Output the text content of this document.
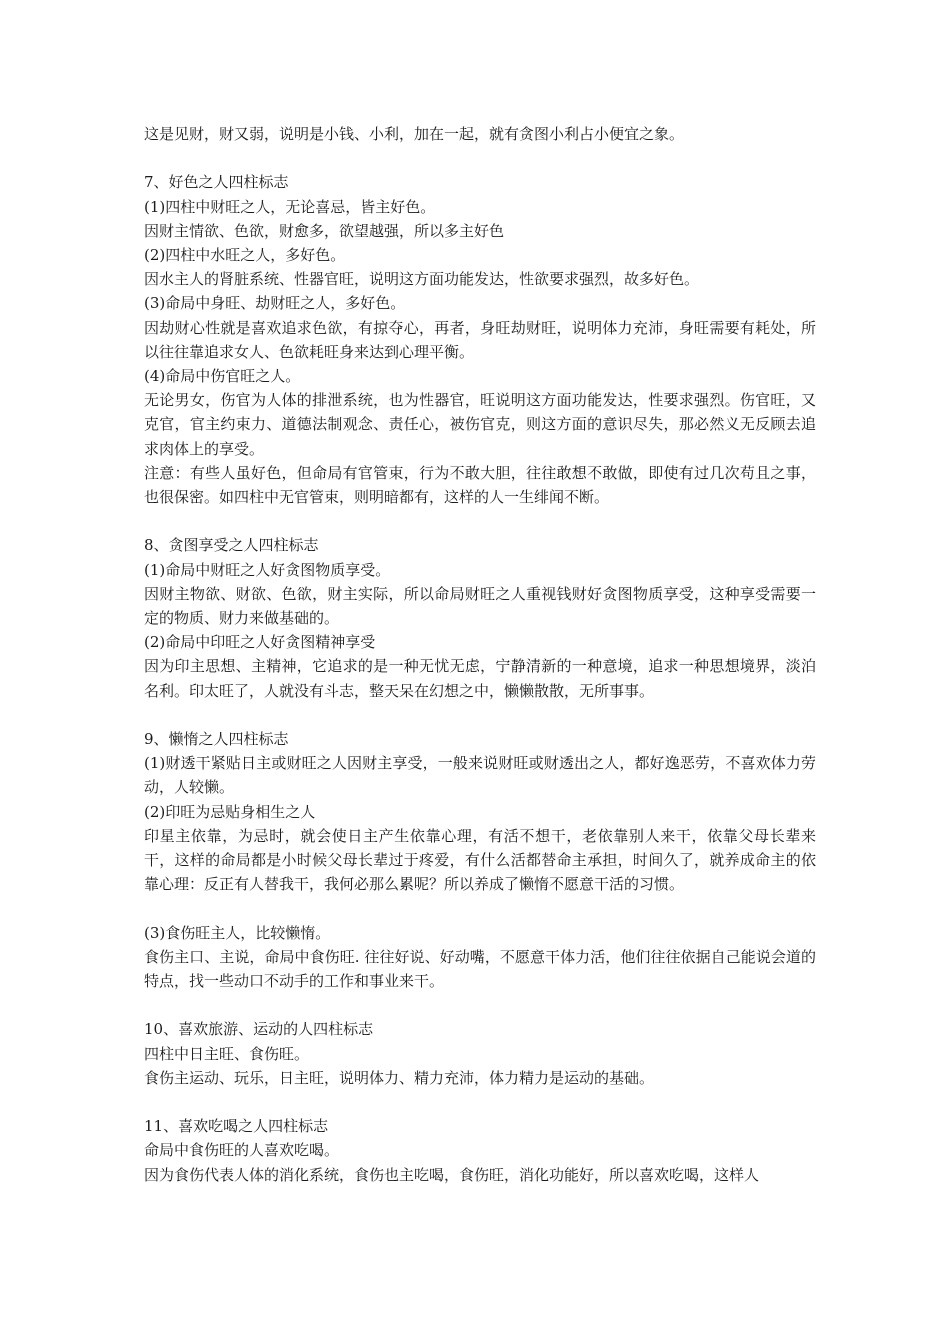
这是见财，财又弱，说明是小钱、小利，加在一起，就有贪图小利占小便宜之象。
7、好色之人四柱标志
(1)四柱中财旺之人，无论喜忌，皆主好色。
因财主情欲、色欲，财愈多，欲望越强，所以多主好色
(2)四柱中水旺之人，多好色。
因水主人的肾脏系统、性器官旺，说明这方面功能发达，性欲要求强烈，故多好色。
(3)命局中身旺、劫财旺之人，多好色。
因劫财心性就是喜欢追求色欲，有掠夺心，再者，身旺劫财旺，说明体力充沛，身旺需要有耗处，所以往往靠追求女人、色欲耗旺身来达到心理平衡。
(4)命局中伤官旺之人。
无论男女，伤官为人体的排泄系统，也为性器官，旺说明这方面功能发达，性要求强烈。伤官旺，又克官，官主约束力、道德法制观念、责任心，被伤官克，则这方面的意识尽失，那必然义无反顾去追求肉体上的享受。
注意：有些人虽好色，但命局有官管束，行为不敢大胆，往往敢想不敢做，即使有过几次苟且之事，也很保密。如四柱中无官管束，则明暗都有，这样的人一生绯闻不断。
8、贪图享受之人四柱标志
(1)命局中财旺之人好贪图物质享受。
因财主物欲、财欲、色欲，财主实际，所以命局财旺之人重视钱财好贪图物质享受，这种享受需要一定的物质、财力来做基础的。
(2)命局中印旺之人好贪图精神享受
因为印主思想、主精神，它追求的是一种无忧无虑，宁静清新的一种意境，追求一种思想境界，淡泊名利。印太旺了，人就没有斗志，整天呆在幻想之中，懒懒散散，无所事事。
9、懒惰之人四柱标志
(1)财透干紧贴日主或财旺之人因财主享受，一般来说财旺或财透出之人，都好逸恶劳，不喜欢体力劳动，人较懒。
(2)印旺为忌贴身相生之人
印星主依靠，为忌时，就会使日主产生依靠心理，有活不想干，老依靠别人来干，依靠父母长辈来干，这样的命局都是小时候父母长辈过于疼爱，有什么活都替命主承担，时间久了，就养成命主的依靠心理：反正有人替我干，我何必那么累呢？所以养成了懒惰不愿意干活的习惯。
(3)食伤旺主人，比较懒惰。
食伤主口、主说，命局中食伤旺. 往往好说、好动嘴，不愿意干体力活，他们往往依据自己能说会道的特点，找一些动口不动手的工作和事业来干。
10、喜欢旅游、运动的人四柱标志
四柱中日主旺、食伤旺。
食伤主运动、玩乐，日主旺，说明体力、精力充沛，体力精力是运动的基础。
11、喜欢吃喝之人四柱标志
命局中食伤旺的人喜欢吃喝。
因为食伤代表人体的消化系统，食伤也主吃喝，食伤旺，消化功能好，所以喜欢吃喝，这样人
